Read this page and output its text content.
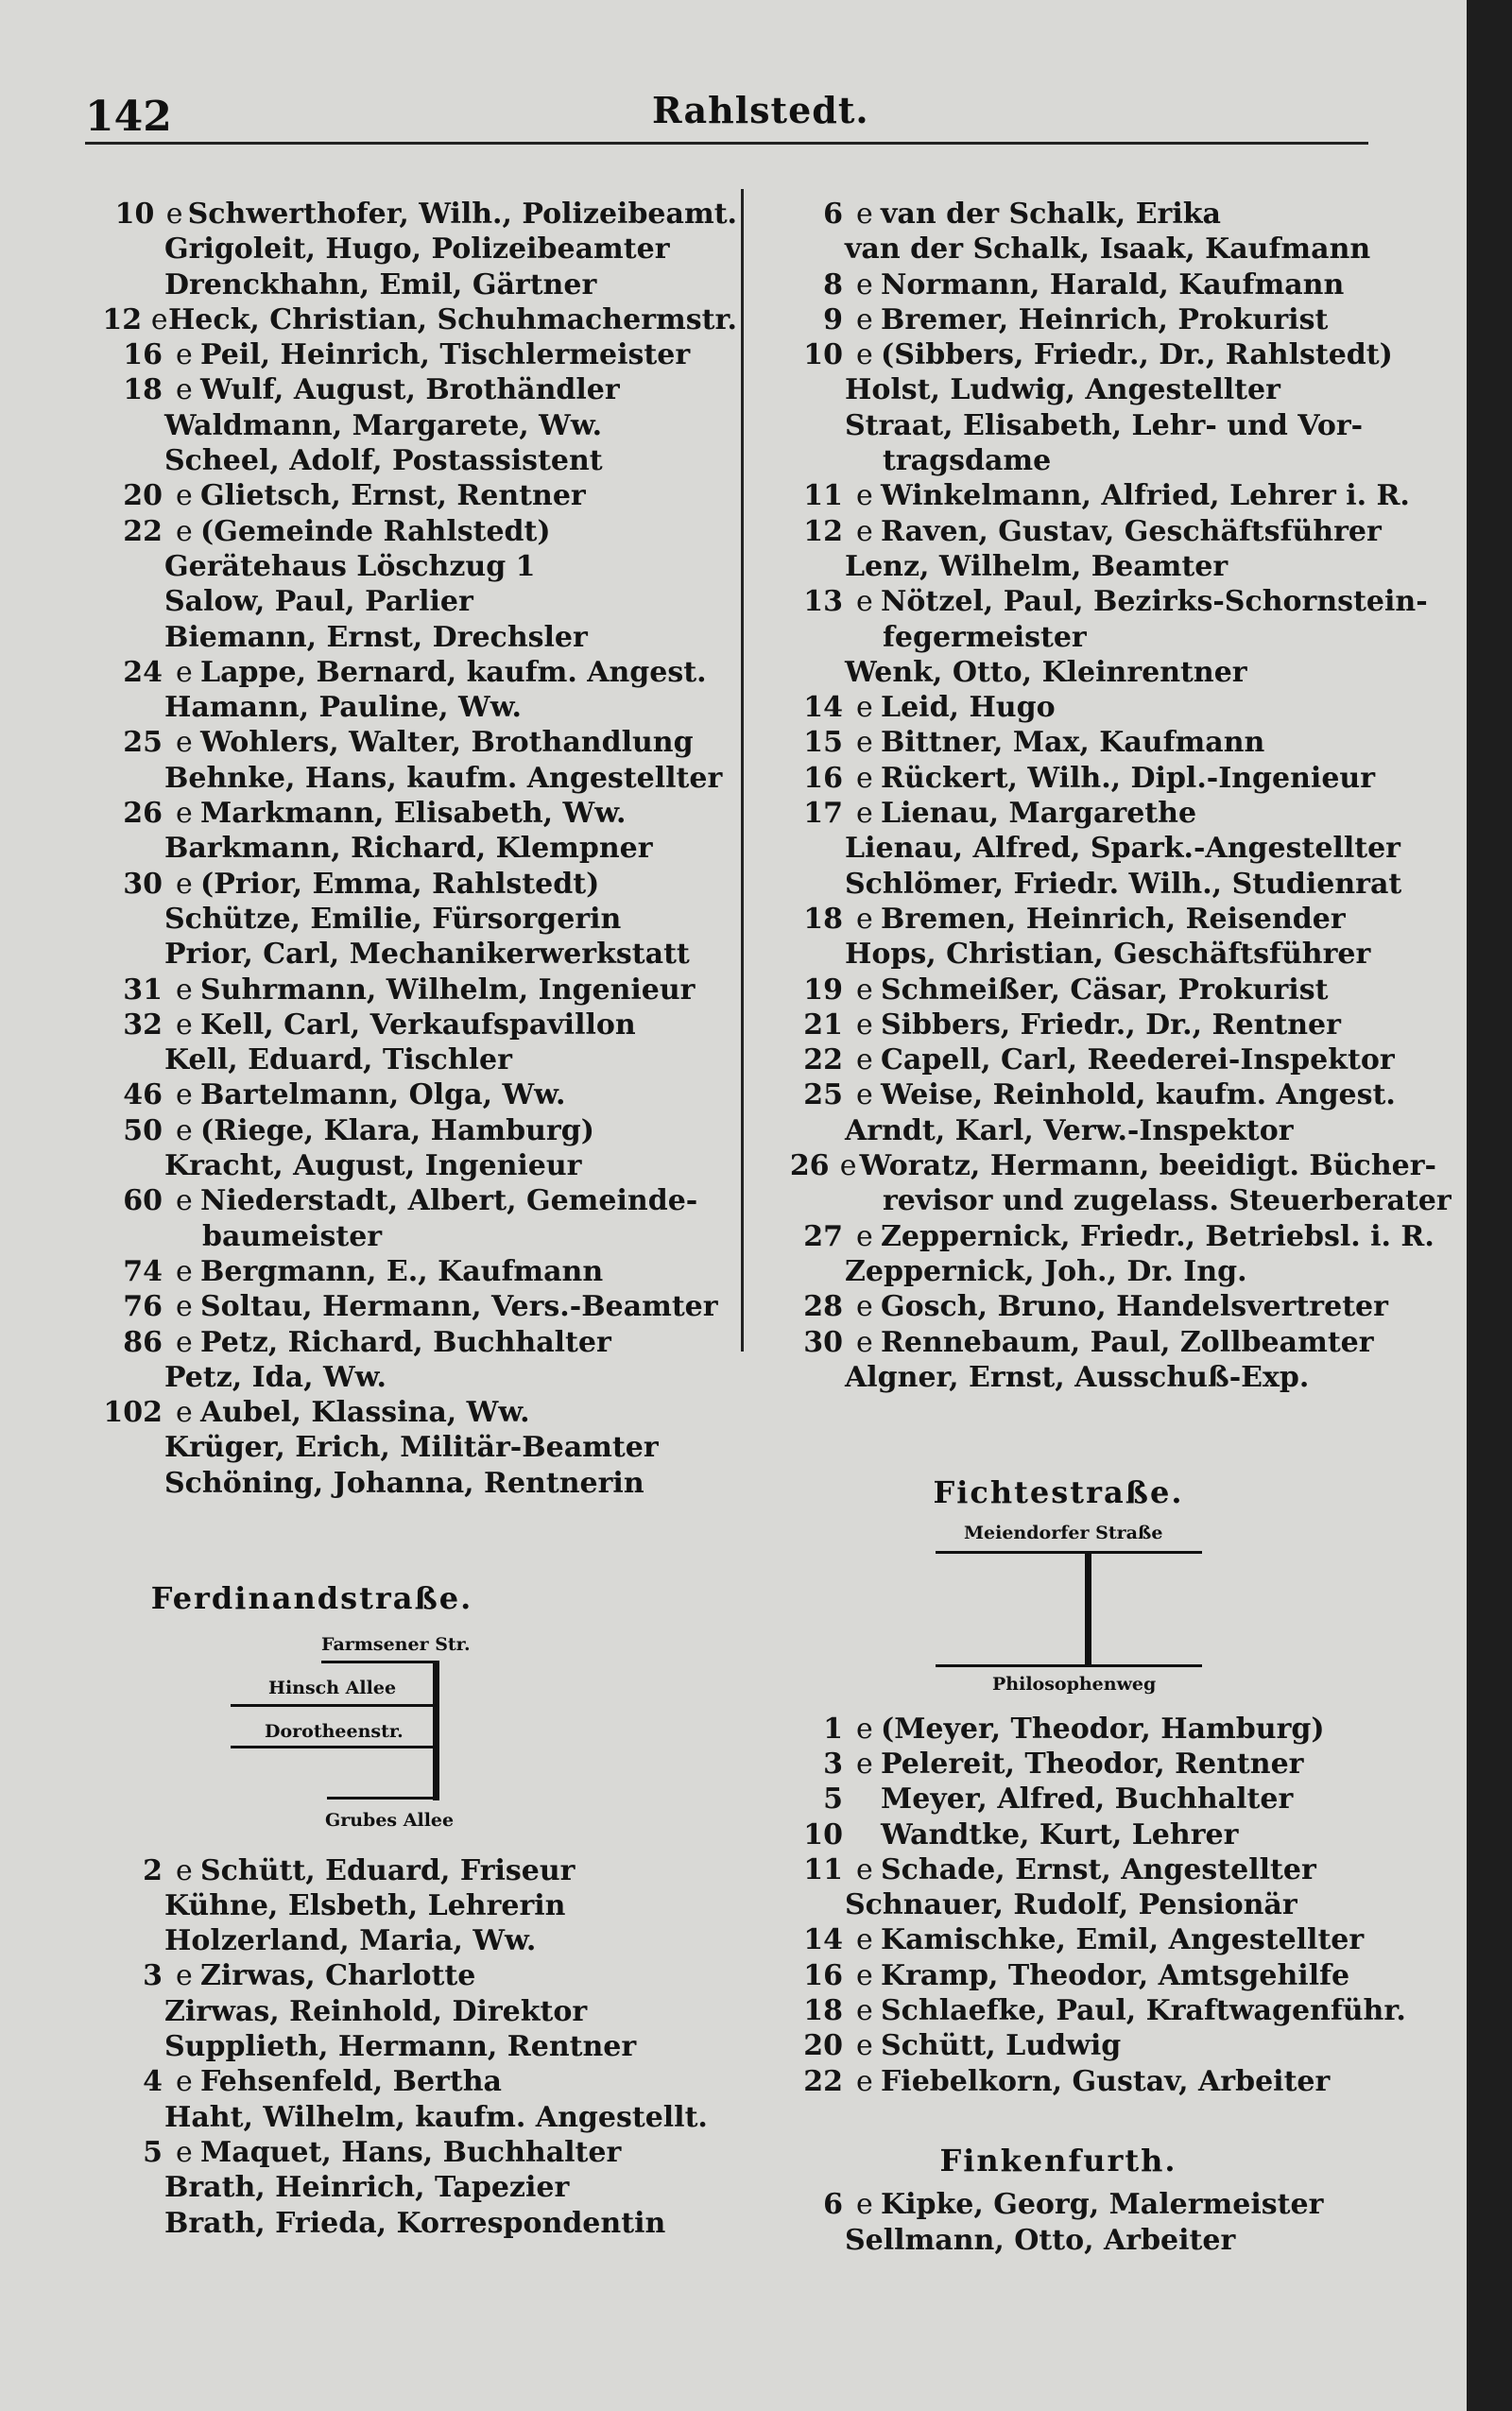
142	Rahlstedt.
10 e Schwerthofer, Wilh., Polizeibeamt.
Grigoleit, Hugo, Polizeibeamter
Drenckhahn, Emil, Gärtner
12 e Heck, Christian, Schuhmachermstr.
16 e Peil, Heinrich, Tischlermeister
18 e Wulf, August, Brothändler
Waldmann, Margarete, Ww.
Scheel, Adolf, Postassistent
20 e Glietsch, Ernst, Rentner
22 e (Gemeinde Rahlstedt)
Gerätehaus Löschzug 1
Salow, Paul, Parlier
Biemann, Ernst, Drechsler
24 e Lappe, Bernard, kaufm. Angest.
Hamann, Pauline, Ww.
25 e Wohlers, Walter, Brothandlung
Behnke, Hans, kaufm. Angestellter
26 e Markmann, Elisabeth, Ww.
Barkmann, Richard, Klempner
30 e (Prior, Emma, Rahlstedt)
Schütze, Emilie, Fürsorgerin
Prior, Carl, Mechanikerwerkstatt
31 e Suhrmann, Wilhelm, Ingenieur
32 e Kell, Carl, Verkaufspavillon
Kell, Eduard, Tischler
46 e Bartelmann, Olga, Ww.
50 e (Riege, Klara, Hamburg)
Kracht, August, Ingenieur
60 e Niederstadt, Albert, Gemeinde-
baumeister
74 e Bergmann, E., Kaufmann
76 e Soltau, Hermann, Vers.-Beamter
86 e Petz, Richard, Buchhalter
Petz, Ida, Ww.
102 e Aubel, Klassina, Ww.
Krüger, Erich, Militär-Beamter
Schöning, Johanna, Rentnerin
Ferdinandstraße.
Farmsener Str.
Hinsch Allee
Dorotheenstr.
Grubes Allee
2 e Schütt, Eduard, Friseur
Kühne, Elsbeth, Lehrerin
Holzerland, Maria, Ww.
3 e Zirwas, Charlotte
Zirwas, Reinhold, Direktor
Supplieth, Hermann, Rentner
4 e Fehsenfeld, Bertha
Haht, Wilhelm, kaufm. Angestellt.
5 e Maquet, Hans, Buchhalter
Brath, Heinrich, Tapezier
Brath, Frieda, Korrespondentin
6 e van der Schalk, Erika
van der Schalk, Isaak, Kaufmann
8 e Normann, Harald, Kaufmann
9 e Bremer, Heinrich, Prokurist
10 e (Sibbers, Friedr., Dr., Rahlstedt)
Holst, Ludwig, Angestellter
Straat, Elisabeth, Lehr- und Vor-
tragsdame
11 e Winkelmann, Alfried, Lehrer i. R.
12 e Raven, Gustav, Geschäftsführer
Lenz, Wilhelm, Beamter
13 e Nötzel, Paul, Bezirks-Schornstein-
fegermeister
Wenk, Otto, Kleinrentner
14 e Leid, Hugo
15 e Bittner, Max, Kaufmann
16 e Rückert, Wilh., Dipl.-Ingenieur
17 e Lienau, Margarethe
Lienau, Alfred, Spark.-Angestellter
Schlömer, Friedr. Wilh., Studienrat
18 e Bremen, Heinrich, Reisender
Hops, Christian, Geschäftsführer
19 e Schmeißer, Cäsar, Prokurist
21 e Sibbers, Friedr., Dr., Rentner
22 e Capell, Carl, Reederei-Inspektor
25 e Weise, Reinhold, kaufm. Angest.
Arndt, Karl, Verw.-Inspektor
26 e Woratz, Hermann, beeidigt. Bücher-
revisor und zugelass. Steuerberater
27 e Zeppernick, Friedr., Betriebsl. i. R.
Zeppernick, Joh., Dr. Ing.
28 e Gosch, Bruno, Handelsvertreter
30 e Rennebaum, Paul, Zollbeamter
Algner, Ernst, Ausschuß-Exp.
Fichtestraße.
Meiendorfer Straße
Philosophenweg
1 e (Meyer, Theodor, Hamburg)
3 e Pelereit, Theodor, Rentner
5 Meyer, Alfred, Buchhalter
10 Wandtke, Kurt, Lehrer
11 e Schade, Ernst, Angestellter
Schnauer, Rudolf, Pensionär
14 e Kamischke, Emil, Angestellter
16 e Kramp, Theodor, Amtsgehilfe
18 e Schlaefke, Paul, Kraftwagenführ.
20 e Schütt, Ludwig
22 e Fiebelkorn, Gustav, Arbeiter
Finkenfurth.
6 e Kipke, Georg, Malermeister
Sellmann, Otto, Arbeiter
